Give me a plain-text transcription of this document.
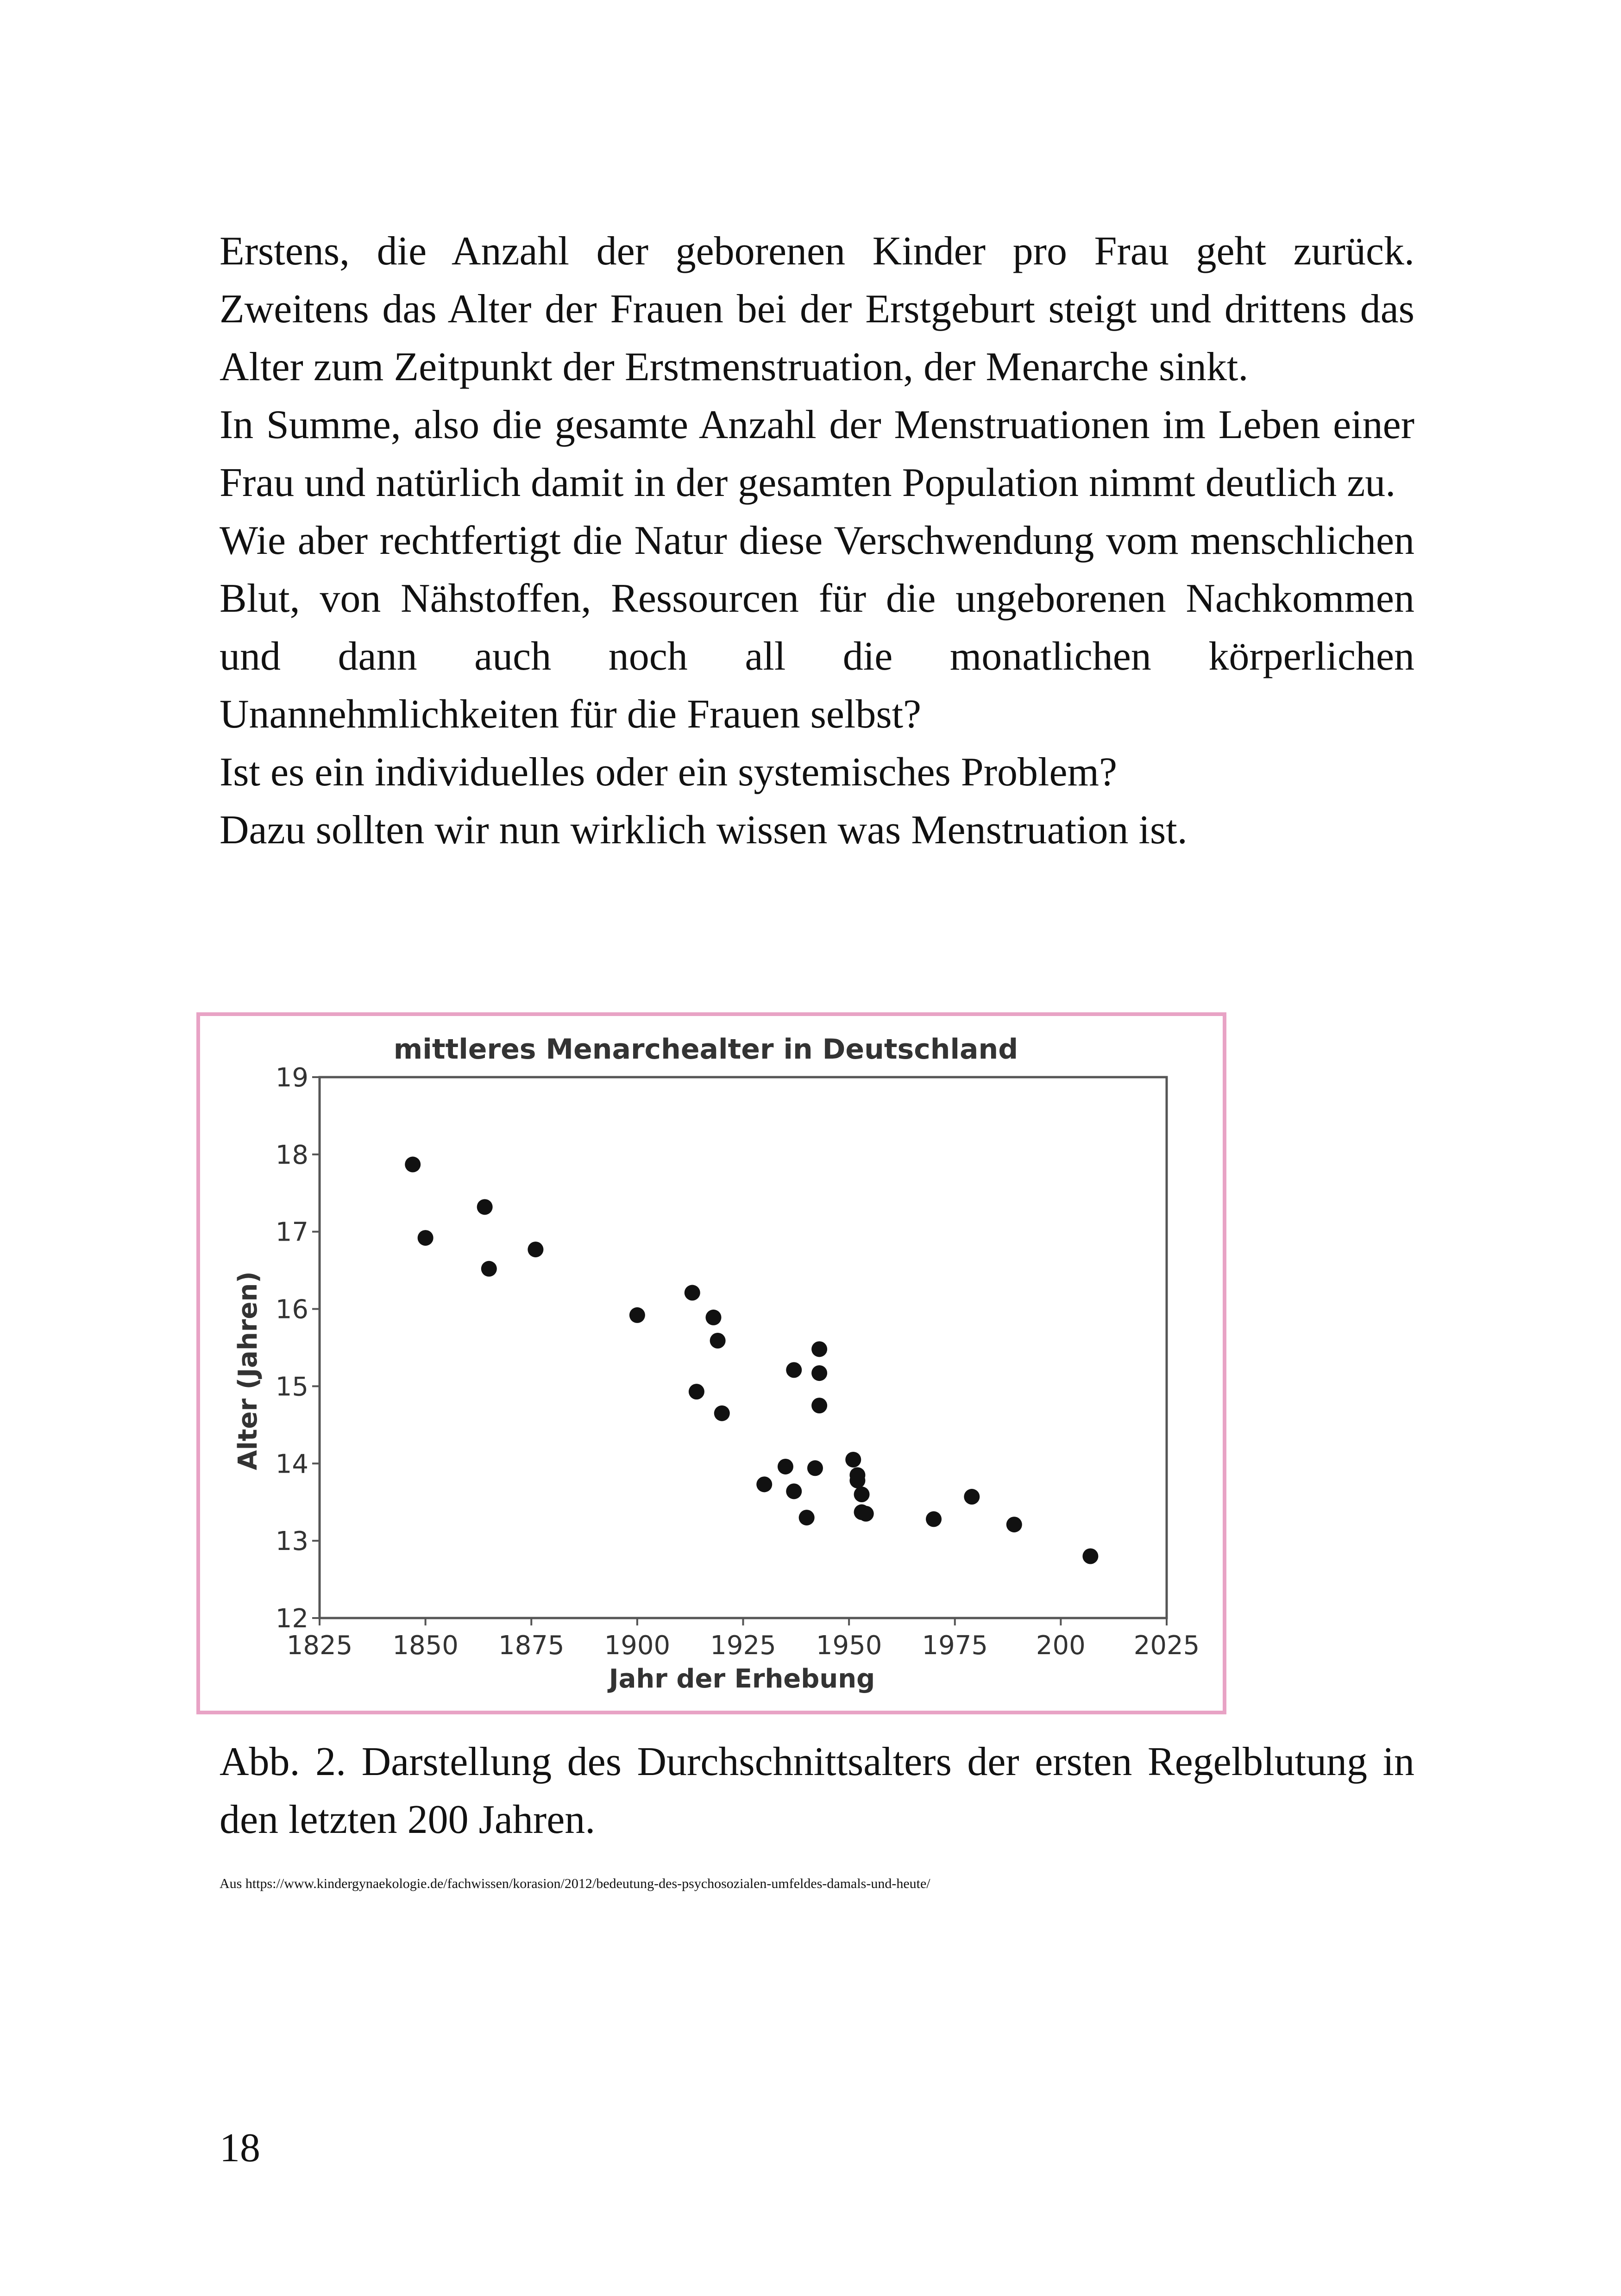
Erstens, die Anzahl der geborenen Kinder pro Frau geht zurück. Zweitens das Alter der Frauen bei der Erstgeburt steigt und drittens das Alter zum Zeitpunkt der Erstmenstruation, der Menarche sinkt.

In Summe, also die gesamte Anzahl der Menstruationen im Leben einer Frau und natürlich damit in der gesamten Population nimmt deutlich zu.

Wie aber rechtfertigt die Natur diese Verschwendung vom menschlichen Blut, von Nähstoffen, Ressourcen für die ungeborenen Nachkommen und dann auch noch all die monatlichen körperlichen Unannehmlichkeiten für die Frauen selbst?

Ist es ein individuelles oder ein systemisches Problem?

Dazu sollten wir nun wirklich wissen was Menstruation ist.

mittleres Menarchealter in Deutschland
12
13
14
15
16
17
18
19
1825 1850 1875 1900 1925 1950 1975 200 2025
Jahr der Erhebung
Alter (Jahren)

Abb. 2. Darstellung des Durchschnittsalters der ersten Regelblutung in den letzten 200 Jahren.

Aus https://www.kindergynaekologie.de/fachwissen/korasion/2012/bedeutung-des-psychosozialen-umfeldes-damals-und-heute/
18
